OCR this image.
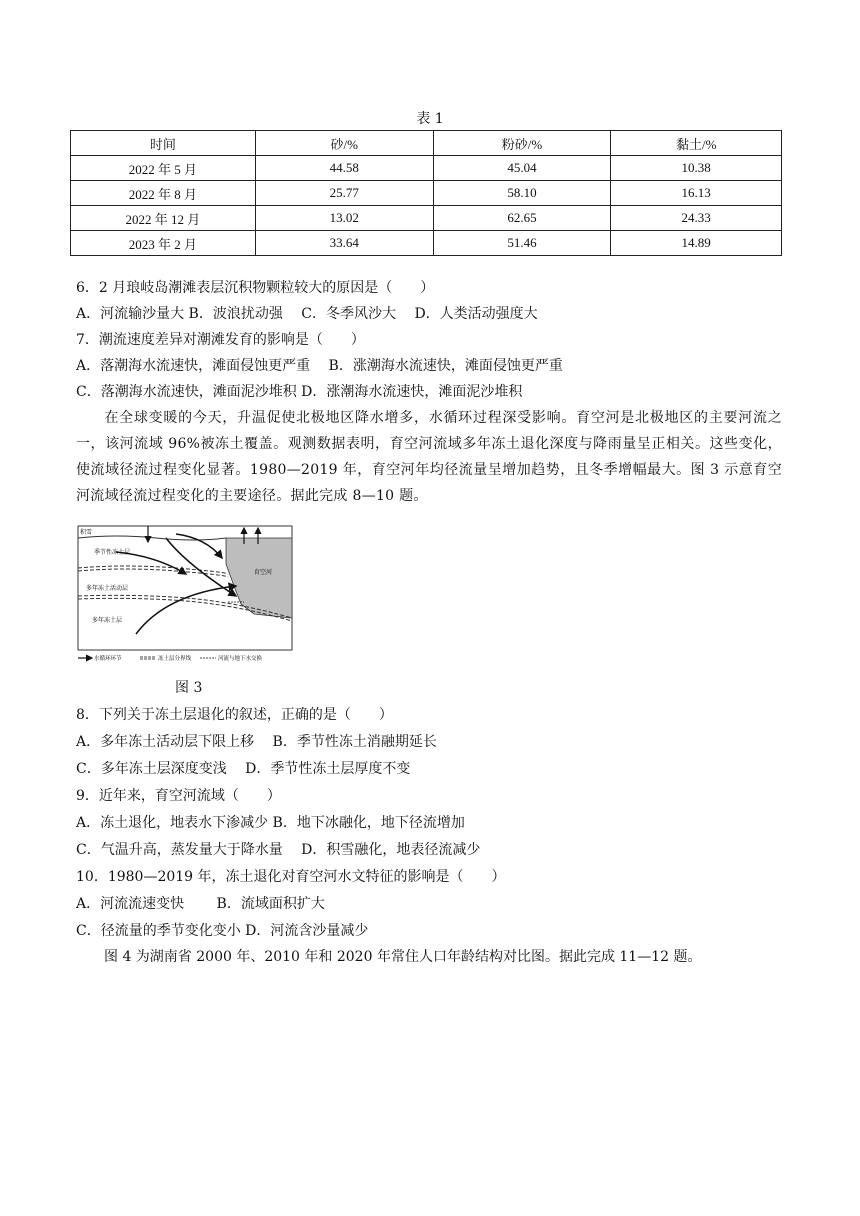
表 1
时间	砂/%	粉砂/%	黏土/%
2022 年 5 月	44.58	45.04	10.38
2022 年 8 月	25.77	58.10	16.13
2022 年 12 月	13.02	62.65	24.33
2023 年 2 月	33.64	51.46	14.89
6．2 月琅岐岛潮滩表层沉积物颗粒较大的原因是（　　）
A．河流输沙量大 B．波浪扰动强　 C．冬季风沙大　 D．人类活动强度大
7．潮流速度差异对潮滩发育的影响是（　　）
A．落潮海水流速快，滩面侵蚀更严重　 B．涨潮海水流速快，滩面侵蚀更严重
C．落潮海水流速快，滩面泥沙堆积 D．涨潮海水流速快，滩面泥沙堆积
在全球变暖的今天，升温促使北极地区降水增多，水循环过程深受影响。育空河是北极地区的主要河流之一，该河流域 96%被冻土覆盖。观测数据表明，育空河流域多年冻土退化深度与降雨量呈正相关。这些变化，使流域径流过程变化显著。1980—2019 年，育空河年均径流量呈增加趋势，且冬季增幅最大。图 3 示意育空河流域径流过程变化的主要途径。据此完成 8—10 题。
积雪
季节性冻土层
多年冻土活动层
多年冻土层
育空河
水循环环节	冻土层分界线	河流与地下水交换
图 3
8．下列关于冻土层退化的叙述，正确的是（　　）
A．多年冻土活动层下限上移　 B．季节性冻土消融期延长
C．多年冻土层深度变浅　 D．季节性冻土层厚度不变
9．近年来，育空河流域（　　）
A．冻土退化，地表水下渗减少 B．地下冰融化，地下径流增加
C．气温升高，蒸发量大于降水量　 D．积雪融化，地表径流减少
10．1980—2019 年，冻土退化对育空河水文特征的影响是（　　）
A．河流流速变快　　 B．流域面积扩大
C．径流量的季节变化变小 D．河流含沙量减少
图 4 为湖南省 2000 年、2010 年和 2020 年常住人口年龄结构对比图。据此完成 11—12 题。
